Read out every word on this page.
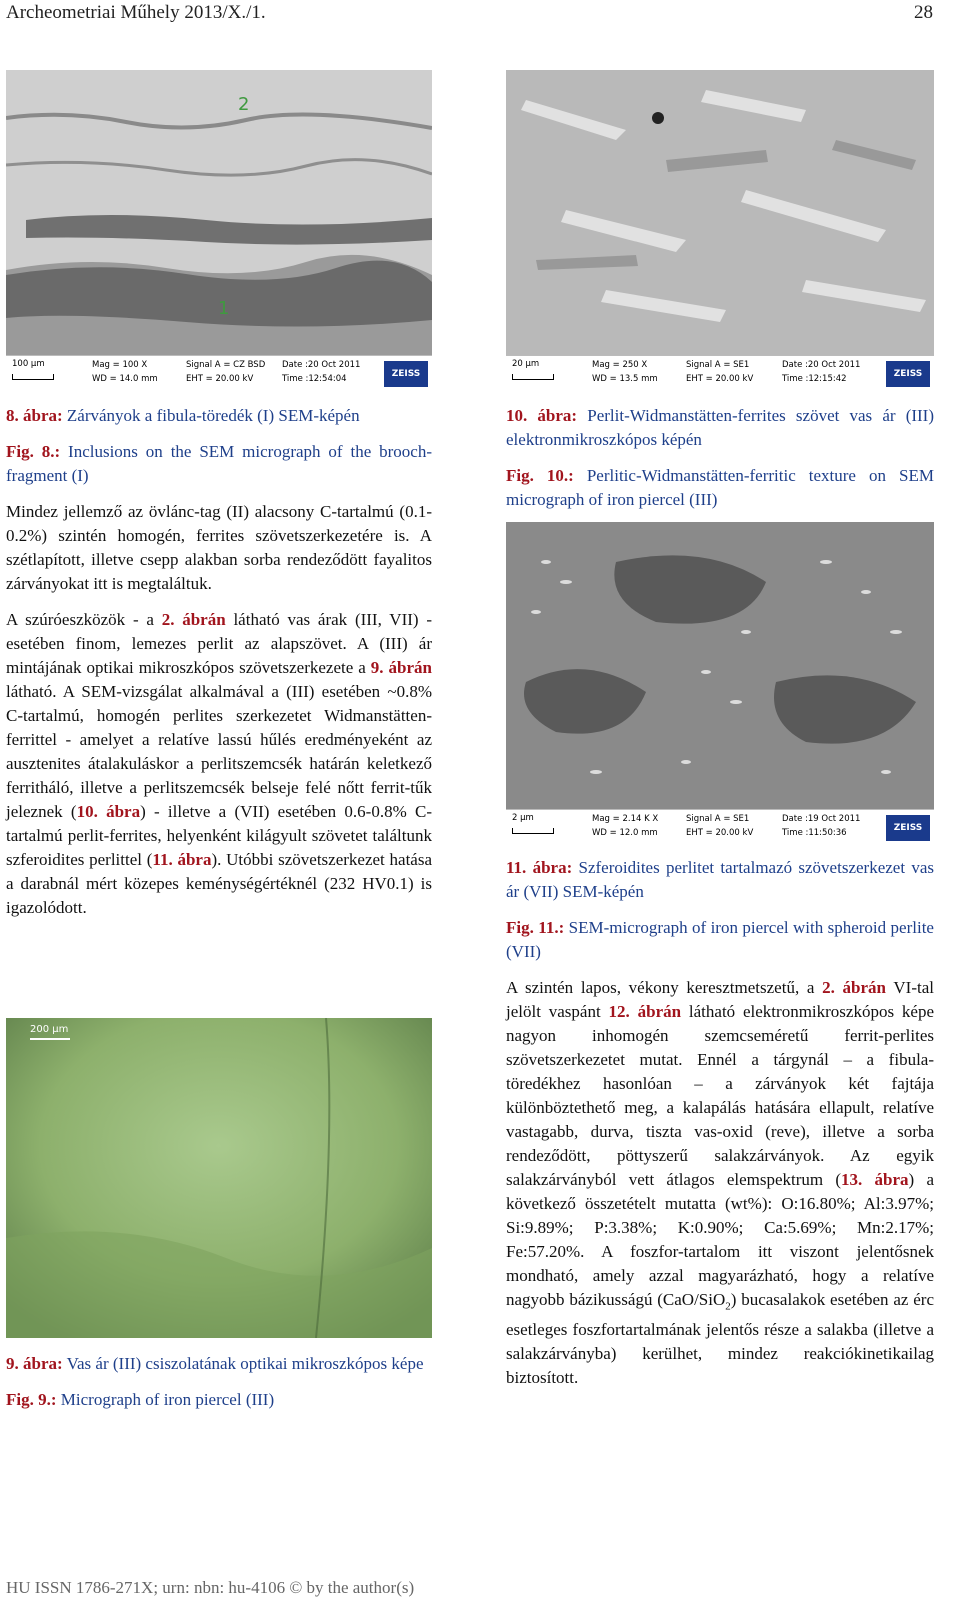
Archeometriai Műhely 2013/X./1.	28
1
2
100 µm	Mag = 100 X
WD = 14.0 mm
Signal A = CZ BSD
EHT = 20.00 kV
Date :20 Oct 2011
Time :12:54:04	ZEISS

8. ábra: Zárványok a fibula-töredék (I) SEM-képén

Fig. 8.: Inclusions on the SEM micrograph of the brooch-fragment (I)

Mindez jellemző az övlánc-tag (II) alacsony C-tartalmú (0.1-0.2%) szintén homogén, ferrites szövetszerkezetére is. A szétlapított, illetve csepp alakban sorba rendeződött fayalitos zárványokat itt is megtaláltuk.

A szúróeszközök - a 2. ábrán látható vas árak (III, VII) - esetében finom, lemezes perlit az alapszövet. A (III) ár mintájának optikai mikroszkópos szövetszerkezete a 9. ábrán látható. A SEM-vizsgálat alkalmával a (III) esetében ~0.8% C-tartalmú, homogén perlites szerkezetet Widmanstätten-ferrittel - amelyet a relatíve lassú hűlés eredményeként az ausztenites átalakuláskor a perlitszemcsék határán keletkező ferritháló, illetve a perlitszemcsék belseje felé nőtt ferrit-tűk jeleznek (10. ábra) - illetve a (VII) esetében 0.6-0.8% C-tartalmú perlit-ferrites, helyenként kilágyult szövetet találtunk szferoidites perlittel (11. ábra). Utóbbi szövetszerkezet hatása a darabnál mért közepes keménységértéknél (232 HV0.1) is igazolódott.

200 µm

9. ábra: Vas ár (III) csiszolatának optikai mikroszkópos képe

Fig. 9.: Micrograph of iron piercel (III)

20 µm	Mag = 250 X
WD = 13.5 mm
Signal A = SE1
EHT = 20.00 kV
Date :20 Oct 2011
Time :12:15:42	ZEISS

10. ábra: Perlit-Widmanstätten-ferrites szövet vas ár (III) elektronmikroszkópos képén

Fig. 10.: Perlitic-Widmanstätten-ferritic texture on SEM micrograph of iron piercel (III)

2 µm	Mag = 2.14 K X
WD = 12.0 mm
Signal A = SE1
EHT = 20.00 kV
Date :19 Oct 2011
Time :11:50:36	ZEISS

11. ábra: Szferoidites perlitet tartalmazó szövetszerkezet vas ár (VII) SEM-képén

Fig. 11.: SEM-micrograph of iron piercel with spheroid perlite (VII)

A szintén lapos, vékony keresztmetszetű, a 2. ábrán VI-tal jelölt vaspánt 12. ábrán látható elektronmikroszkópos képe nagyon inhomogén szemcseméretű ferrit-perlites szövetszerkezetet mutat. Ennél a tárgynál – a fibula-töredékhez hasonlóan – a zárványok két fajtája különböztethető meg, a kalapálás hatására ellapult, relatíve vastagabb, durva, tiszta vas-oxid (reve), illetve a sorba rendeződött, pöttyszerű salakzárványok. Az egyik salakzárványból vett átlagos elemspektrum (13. ábra) a következő összetételt mutatta (wt%): O:16.80%; Al:3.97%; Si:9.89%; P:3.38%; K:0.90%; Ca:5.69%; Mn:2.17%; Fe:57.20%. A foszfor-tartalom itt viszont jelentősnek mondható, amely azzal magyarázható, hogy a relatíve nagyobb bázikusságú (CaO/SiO$_2$) bucasalakok esetében az érc esetleges foszfortartalmának jelentős része a salakba (illetve a salakzárványba) kerülhet, mindez reakciókinetikailag biztosított.

HU ISSN 1786-271X; urn: nbn: hu-4106 © by the author(s)
